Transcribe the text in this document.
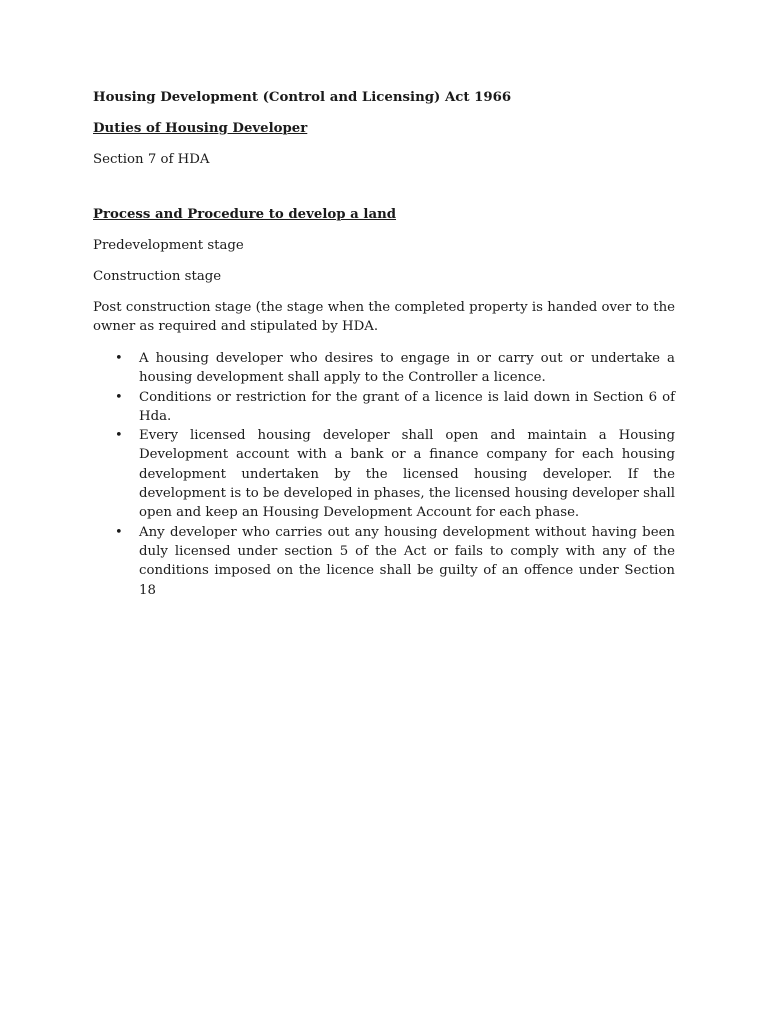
Housing Development (Control and Licensing) Act 1966

Duties of Housing Developer

Section 7 of HDA

Process and Procedure to develop a land

Predevelopment stage

Construction stage

Post construction stage (the stage when the completed property is handed over to the owner as required and stipulated by HDA.

• A housing developer who desires to engage in or carry out or undertake a housing development shall apply to the Controller a licence.
• Conditions or restriction for the grant of a licence is laid down in Section 6 of Hda.
• Every licensed housing developer shall open and maintain a Housing Development account with a bank or a finance company for each housing development undertaken by the licensed housing developer. If the development is to be developed in phases, the licensed housing developer shall open and keep an Housing Development Account for each phase.
• Any developer who carries out any housing development without having been duly licensed under section 5 of the Act or fails to comply with any of the conditions imposed on the licence shall be guilty of an offence under Section 18
